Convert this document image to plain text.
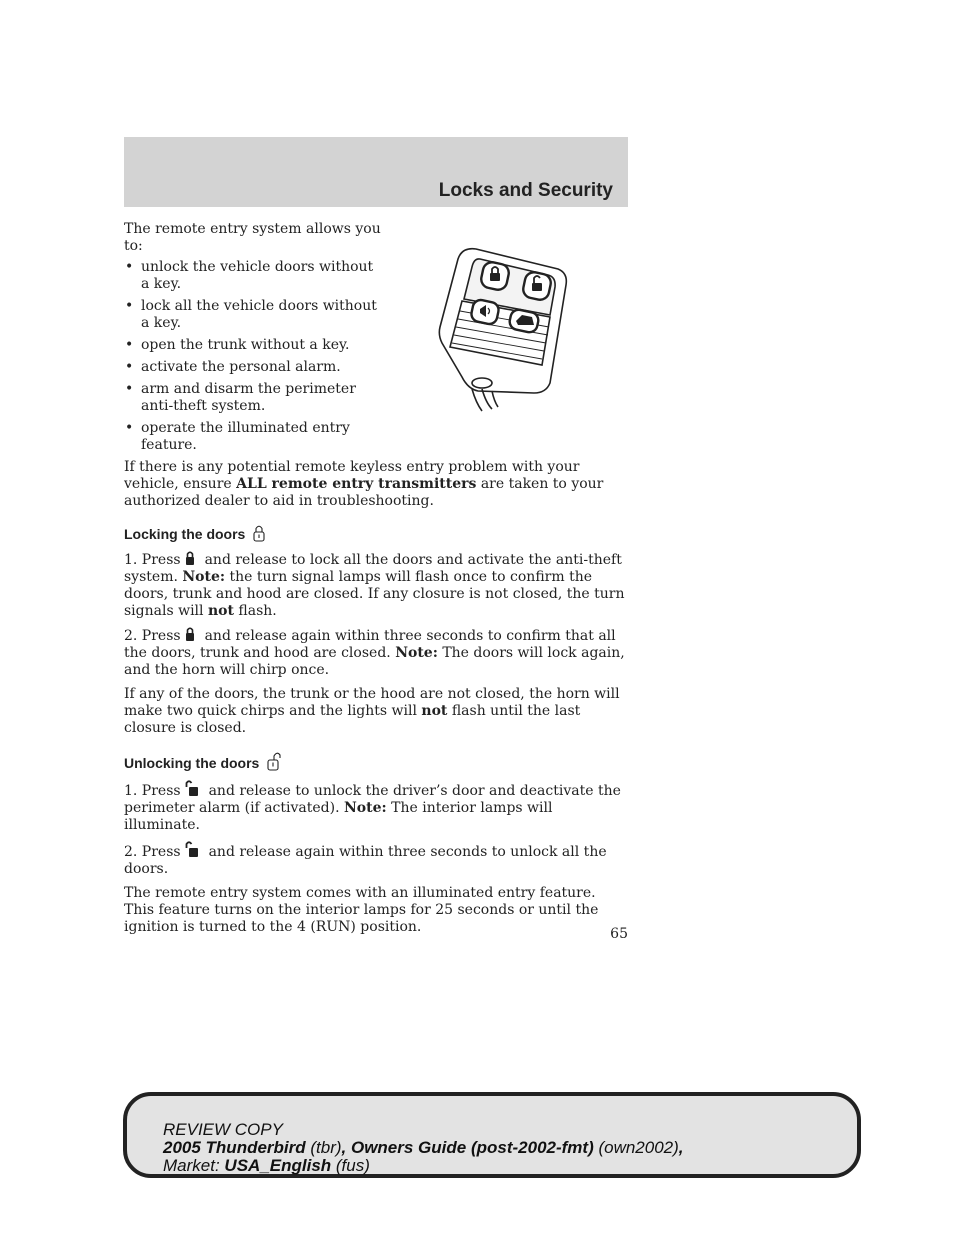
Locks and Security

The remote entry system allows you to:

• unlock the vehicle doors without a key.
• lock all the vehicle doors without a key.
• open the trunk without a key.
• activate the personal alarm.
• arm and disarm the perimeter anti-theft system.
• operate the illuminated entry feature.

If there is any potential remote keyless entry problem with your vehicle, ensure ALL remote entry transmitters are taken to your authorized dealer to aid in troubleshooting.

Locking the doors

1. Press and release to lock all the doors and activate the anti-theft system. Note: the turn signal lamps will flash once to confirm the doors, trunk and hood are closed. If any closure is not closed, the turn signals will not flash.

2. Press and release again within three seconds to confirm that all the doors, trunk and hood are closed. Note: The doors will lock again, and the horn will chirp once.

If any of the doors, the trunk or the hood are not closed, the horn will make two quick chirps and the lights will not flash until the last closure is closed.

Unlocking the doors

1. Press and release to unlock the driver’s door and deactivate the perimeter alarm (if activated). Note: The interior lamps will illuminate.

2. Press and release again within three seconds to unlock all the doors.

The remote entry system comes with an illuminated entry feature. This feature turns on the interior lamps for 25 seconds or until the ignition is turned to the 4 (RUN) position.	65
REVIEW COPY
2005 Thunderbird (tbr), Owners Guide (post-2002-fmt) (own2002),
Market: USA_English (fus)
